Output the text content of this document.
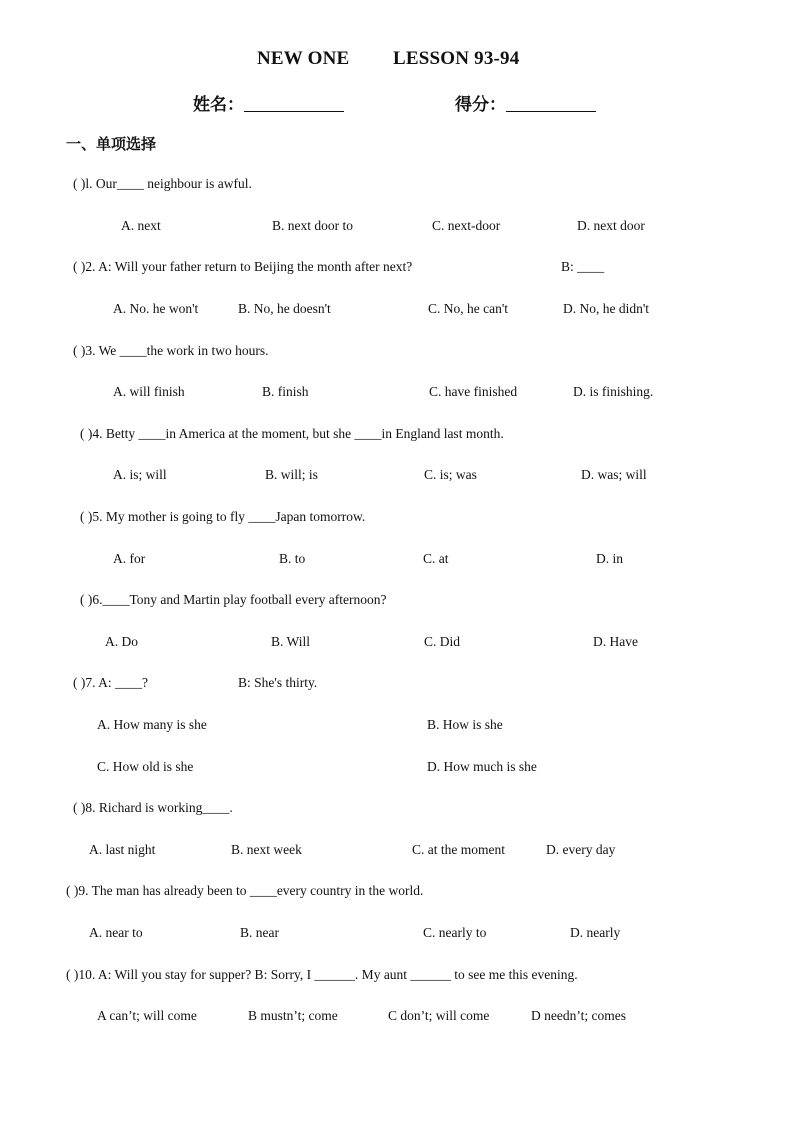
NEW ONE LESSON 93-94
姓名：	得分：
一、单项选择
( )l. Our____ neighbour is awful.
A. next	B. next door to	C. next-door	D. next door
( )2. A: Will your father return to Beijing the month after next?	B: ____
A. No. he won't	B. No, he doesn't	C. No, he can't	D. No, he didn't
( )3. We ____the work in two hours.
A. will finish	B. finish	C. have finished	D. is finishing.
( )4. Betty ____in America at the moment, but she ____in England last month.
A. is; will	B. will; is	C. is; was	D. was; will
( )5. My mother is going to fly ____Japan tomorrow.
A. for	B. to	C. at	D. in
( )6.____Tony and Martin play football every afternoon?
A. Do	B. Will	C. Did	D. Have
( )7. A: ____?	B: She's thirty.
A. How many is she	B. How is she
C. How old is she	D. How much is she
( )8. Richard is working____.
A. last night	B. next week	C. at the moment	D. every day
( )9. The man has already been to ____every country in the world.
A. near to	B. near	C. nearly to	D. nearly
( )10. A: Will you stay for supper? B: Sorry, I ______. My aunt ______ to see me this evening.
A can’t; will come	B mustn’t; come	C don’t; will come	D needn’t; comes
